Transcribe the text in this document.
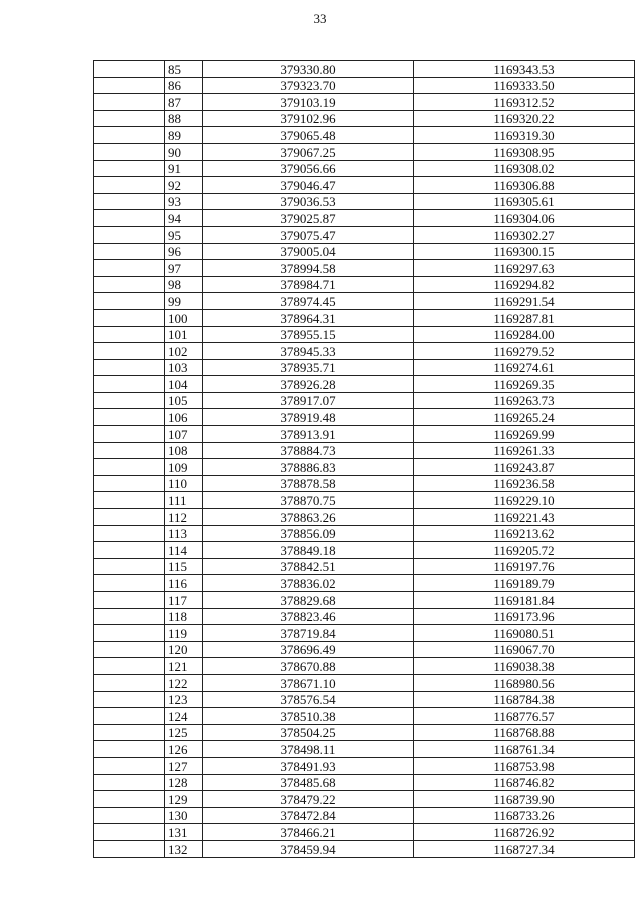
33
	85	379330.80	1169343.53
	86	379323.70	1169333.50
	87	379103.19	1169312.52
	88	379102.96	1169320.22
	89	379065.48	1169319.30
	90	379067.25	1169308.95
	91	379056.66	1169308.02
	92	379046.47	1169306.88
	93	379036.53	1169305.61
	94	379025.87	1169304.06
	95	379075.47	1169302.27
	96	379005.04	1169300.15
	97	378994.58	1169297.63
	98	378984.71	1169294.82
	99	378974.45	1169291.54
	100	378964.31	1169287.81
	101	378955.15	1169284.00
	102	378945.33	1169279.52
	103	378935.71	1169274.61
	104	378926.28	1169269.35
	105	378917.07	1169263.73
	106	378919.48	1169265.24
	107	378913.91	1169269.99
	108	378884.73	1169261.33
	109	378886.83	1169243.87
	110	378878.58	1169236.58
	111	378870.75	1169229.10
	112	378863.26	1169221.43
	113	378856.09	1169213.62
	114	378849.18	1169205.72
	115	378842.51	1169197.76
	116	378836.02	1169189.79
	117	378829.68	1169181.84
	118	378823.46	1169173.96
	119	378719.84	1169080.51
	120	378696.49	1169067.70
	121	378670.88	1169038.38
	122	378671.10	1168980.56
	123	378576.54	1168784.38
	124	378510.38	1168776.57
	125	378504.25	1168768.88
	126	378498.11	1168761.34
	127	378491.93	1168753.98
	128	378485.68	1168746.82
	129	378479.22	1168739.90
	130	378472.84	1168733.26
	131	378466.21	1168726.92
	132	378459.94	1168727.34
